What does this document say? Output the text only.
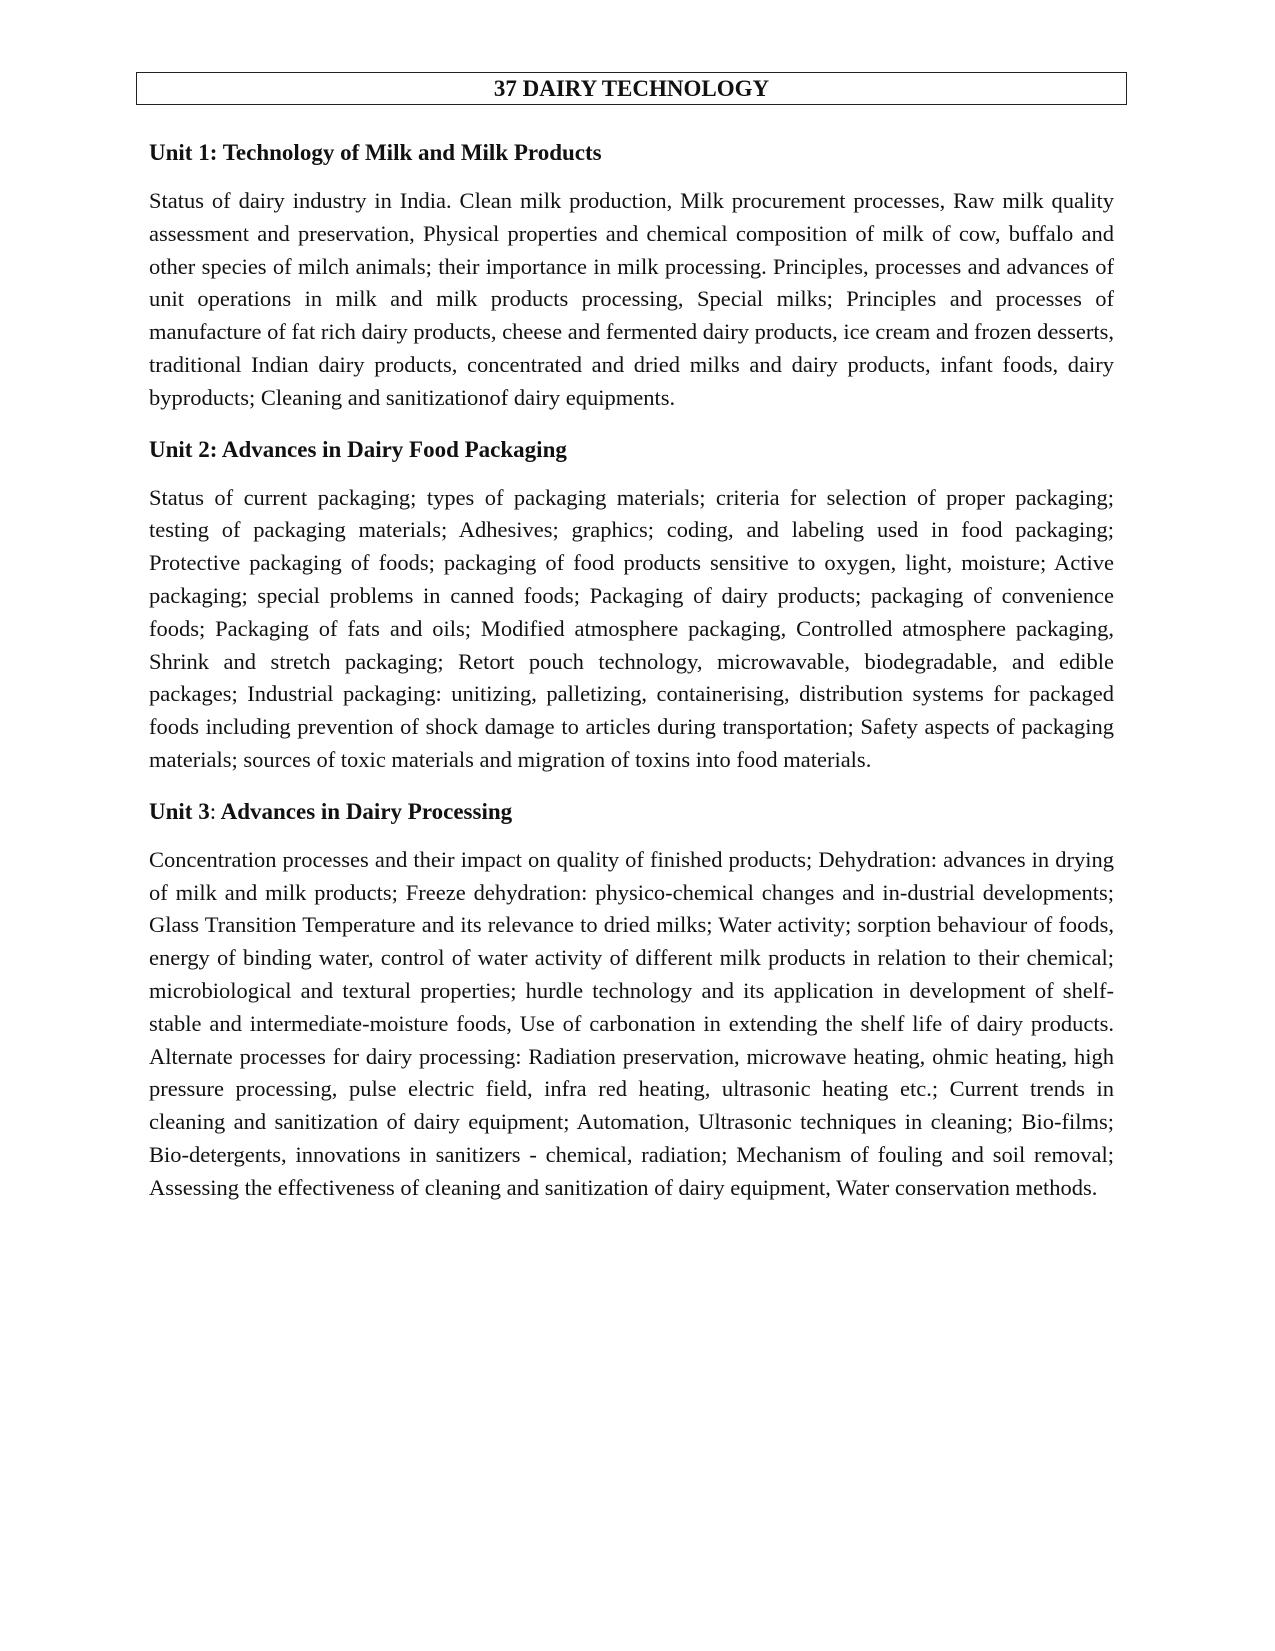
37 DAIRY TECHNOLOGY
Unit 1: Technology of Milk and Milk Products
Status of dairy industry in India. Clean milk production, Milk procurement processes, Raw milk quality assessment and preservation, Physical properties and chemical composition of milk of cow, buffalo and other species of milch animals; their importance in milk processing. Principles, processes and advances of unit operations in milk and milk products processing, Special milks; Principles and processes of manufacture of fat rich dairy products, cheese and fermented dairy products, ice cream and frozen desserts, traditional Indian dairy products, concentrated and dried milks and dairy products, infant foods, dairy byproducts; Cleaning and sanitizationof dairy equipments.
Unit 2: Advances in Dairy Food Packaging
Status of current packaging; types of packaging materials; criteria for selection of proper packaging; testing of packaging materials; Adhesives; graphics; coding, and labeling used in food packaging; Protective packaging of foods; packaging of food products sensitive to oxygen, light, moisture; Active packaging; special problems in canned foods; Packaging of dairy products; packaging of convenience foods; Packaging of fats and oils; Modified atmosphere packaging, Controlled atmosphere packaging, Shrink and stretch packaging; Retort pouch technology, microwavable, biodegradable, and edible packages; Industrial packaging: unitizing, palletizing, containerising, distribution systems for packaged foods including prevention of shock damage to articles during transportation; Safety aspects of packaging materials; sources of toxic materials and migration of toxins into food materials.
Unit 3: Advances in Dairy Processing
Concentration processes and their impact on quality of finished products; Dehydration: advances in drying of milk and milk products; Freeze dehydration: physico-chemical changes and in-dustrial developments; Glass Transition Temperature and its relevance to dried milks; Water activity; sorption behaviour of foods, energy of binding water, control of water activity of different milk products in relation to their chemical; microbiological and textural properties; hurdle technology and its application in development of shelf-stable and intermediate-moisture foods, Use of carbonation in extending the shelf life of dairy products. Alternate processes for dairy processing: Radiation preservation, microwave heating, ohmic heating, high pressure processing, pulse electric field, infra red heating, ultrasonic heating etc.; Current trends in cleaning and sanitization of dairy equipment; Automation, Ultrasonic techniques in cleaning; Bio-films; Bio-detergents, innovations in sanitizers - chemical, radiation; Mechanism of fouling and soil removal; Assessing the effectiveness of cleaning and sanitization of dairy equipment, Water conservation methods.
